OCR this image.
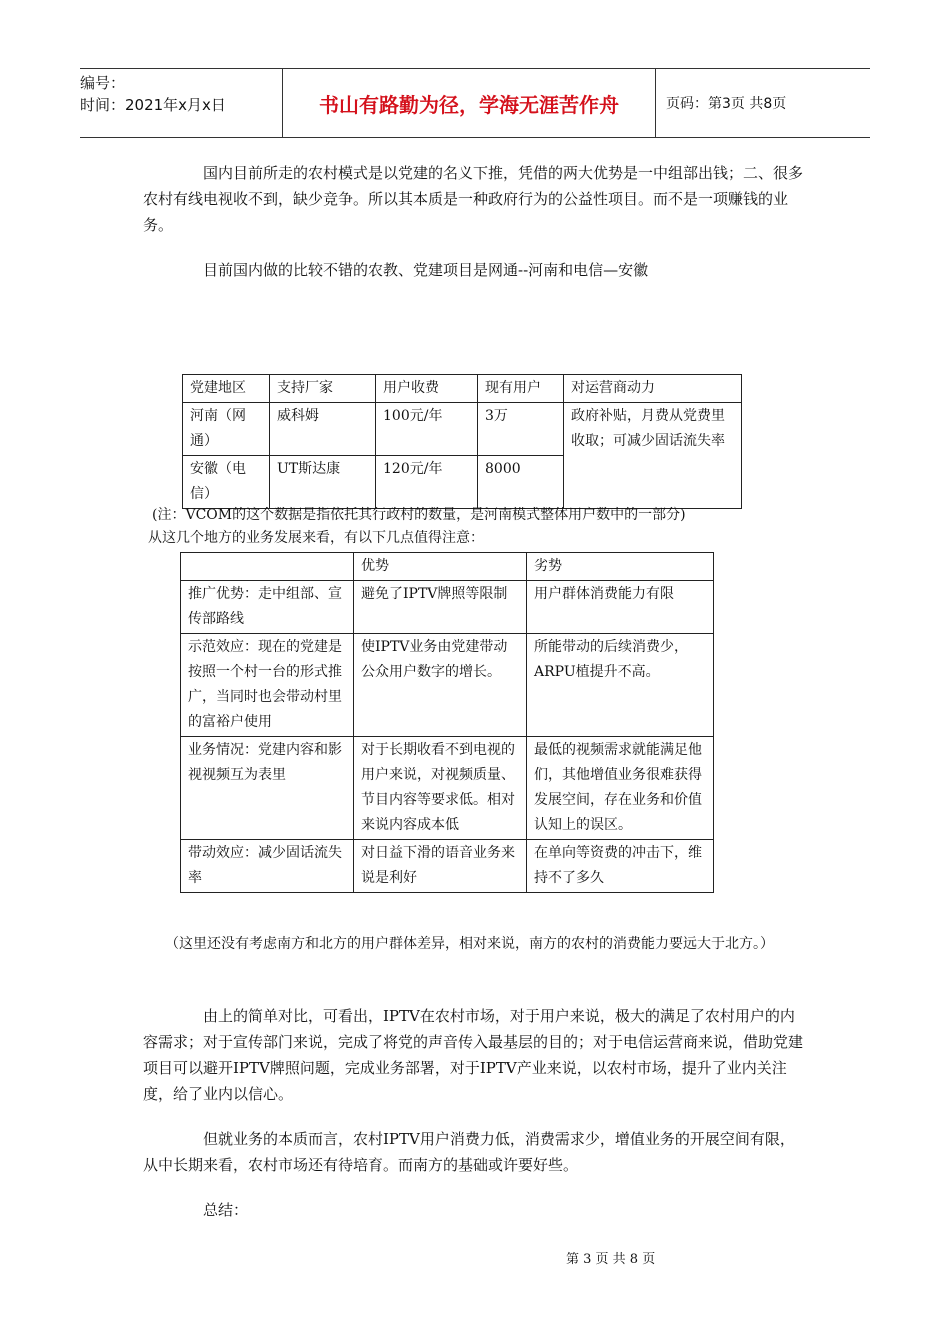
编号：
时间：2021年x月x日	书山有路勤为径，学海无涯苦作舟	页码：第3页 共8页
国内目前所走的农村模式是以党建的名义下推，凭借的两大优势是一中组部出钱；二、很多农村有线电视收不到，缺少竞争。所以其本质是一种政府行为的公益性项目。而不是一项赚钱的业务。
目前国内做的比较不错的农教、党建项目是网通--河南和电信—安徽
党建地区	支持厂家	用户收费	现有用户	对运营商动力
河南（网通）	威科姆	100元/年	3万	政府补贴，月费从党费里收取；可减少固话流失率
安徽（电信）	UT斯达康	120元/年	8000	
(注：VCOM的这个数据是指依托其行政村的数量，是河南模式整体用户数中的一部分)
从这几个地方的业务发展来看，有以下几点值得注意：
	优势	劣势
推广优势：走中组部、宣传部路线	避免了IPTV牌照等限制	用户群体消费能力有限
示范效应：现在的党建是按照一个村一台的形式推广，当同时也会带动村里的富裕户使用	使IPTV业务由党建带动公众用户数字的增长。	所能带动的后续消费少，ARPU植提升不高。
业务情况：党建内容和影视视频互为表里	对于长期收看不到电视的用户来说，对视频质量、节目内容等要求低。相对来说内容成本低	最低的视频需求就能满足他们，其他增值业务很难获得发展空间，存在业务和价值认知上的误区。
带动效应：减少固话流失率	对日益下滑的语音业务来说是利好	在单向等资费的冲击下，维持不了多久
（这里还没有考虑南方和北方的用户群体差异，相对来说，南方的农村的消费能力要远大于北方。）
由上的简单对比，可看出，IPTV在农村市场，对于用户来说，极大的满足了农村用户的内容需求；对于宣传部门来说，完成了将党的声音传入最基层的目的；对于电信运营商来说，借助党建项目可以避开IPTV牌照问题，完成业务部署，对于IPTV产业来说，以农村市场，提升了业内关注度，给了业内以信心。
但就业务的本质而言，农村IPTV用户消费力低，消费需求少，增值业务的开展空间有限，从中长期来看，农村市场还有待培育。而南方的基础或许要好些。
总结：
第 3 页 共 8 页
